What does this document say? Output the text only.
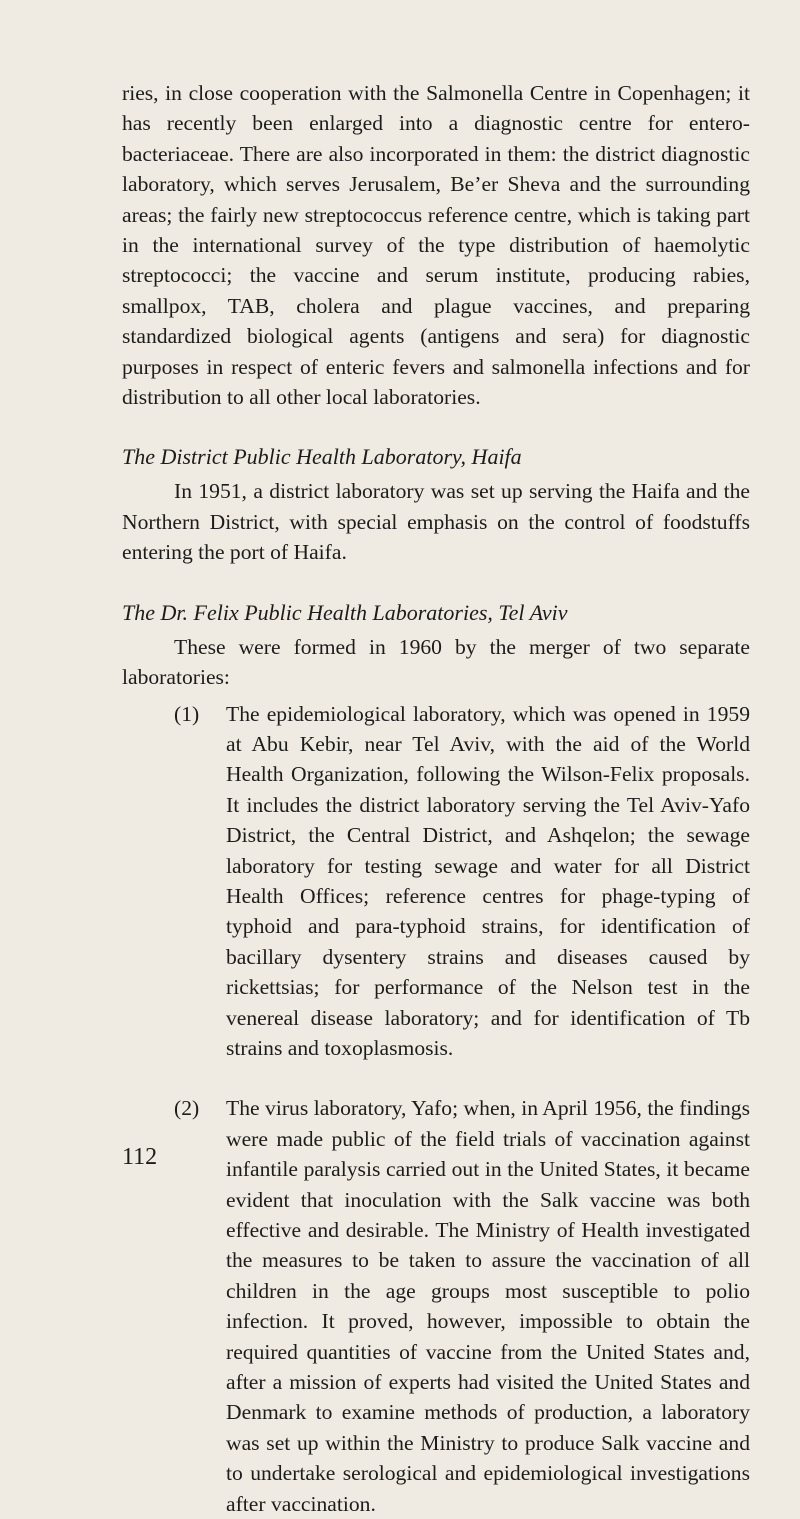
ries, in close cooperation with the Salmonella Centre in Copenhagen; it has recently been enlarged into a diagnostic centre for entero-bacteriaceae. There are also incorporated in them: the district diagnostic laboratory, which serves Jerusalem, Be’er Sheva and the surrounding areas; the fairly new streptococcus reference centre, which is taking part in the international survey of the type distribution of haemolytic streptococci; the vaccine and serum institute, producing rabies, smallpox, TAB, cholera and plague vaccines, and preparing standardized biological agents (antigens and sera) for diagnostic purposes in respect of enteric fevers and salmonella infections and for distribution to all other local laboratories.

The District Public Health Laboratory, Haifa

In 1951, a district laboratory was set up serving the Haifa and the Northern District, with special emphasis on the control of foodstuffs entering the port of Haifa.

The Dr. Felix Public Health Laboratories, Tel Aviv

These were formed in 1960 by the merger of two separate laboratories:

(1)	The epidemiological laboratory, which was opened in 1959 at Abu Kebir, near Tel Aviv, with the aid of the World Health Organization, following the Wilson-Felix proposals. It includes the district laboratory serving the Tel Aviv-Yafo District, the Central District, and Ashqelon; the sewage laboratory for testing sewage and water for all District Health Offices; reference centres for phage-typing of typhoid and para-typhoid strains, for identification of bacillary dysentery strains and diseases caused by rickettsias; for performance of the Nelson test in the venereal disease laboratory; and for identification of Tb strains and toxoplasmosis.

(2)	The virus laboratory, Yafo; when, in April 1956, the findings were made public of the field trials of vaccination against infantile paralysis carried out in the United States, it became evident that inoculation with the Salk vaccine was both effective and desirable. The Ministry of Health investigated the measures to be taken to assure the vaccination of all children in the age groups most susceptible to polio infection. It proved, however, impossible to obtain the required quantities of vaccine from the United States and, after a mission of experts had visited the United States and Denmark to examine methods of production, a laboratory was set up within the Ministry to produce Salk vaccine and to undertake serological and epidemiological investigations after vaccination.

112
